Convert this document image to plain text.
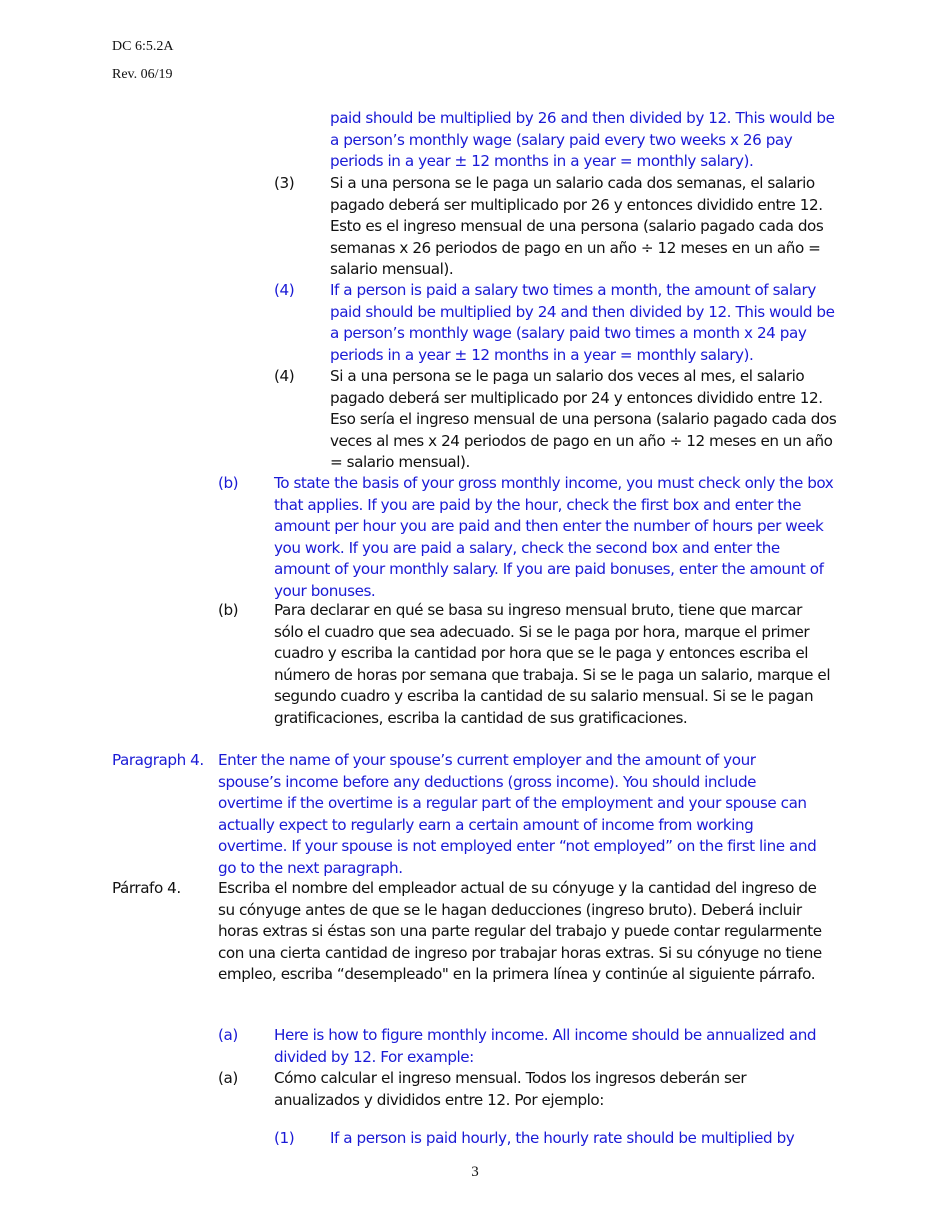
DC 6:5.2A
Rev. 06/19

paid should be multiplied by 26 and then divided by 12. This would be a person’s monthly wage (salary paid every two weeks x 26 pay periods in a year ± 12 months in a year = monthly salary).

(3) Si a una persona se le paga un salario cada dos semanas, el salario pagado deberá ser multiplicado por 26 y entonces dividido entre 12. Esto es el ingreso mensual de una persona (salario pagado cada dos semanas x 26 periodos de pago en un año ÷ 12 meses en un año = salario mensual).

(4) If a person is paid a salary two times a month, the amount of salary paid should be multiplied by 24 and then divided by 12. This would be a person’s monthly wage (salary paid two times a month x 24 pay periods in a year ± 12 months in a year = monthly salary).

(4) Si a una persona se le paga un salario dos veces al mes, el salario pagado deberá ser multiplicado por 24 y entonces dividido entre 12. Eso sería el ingreso mensual de una persona (salario pagado cada dos veces al mes x 24 periodos de pago en un año ÷ 12 meses en un año = salario mensual).

(b) To state the basis of your gross monthly income, you must check only the box that applies. If you are paid by the hour, check the first box and enter the amount per hour you are paid and then enter the number of hours per week you work. If you are paid a salary, check the second box and enter the amount of your monthly salary. If you are paid bonuses, enter the amount of your bonuses.

(b) Para declarar en qué se basa su ingreso mensual bruto, tiene que marcar sólo el cuadro que sea adecuado. Si se le paga por hora, marque el primer cuadro y escriba la cantidad por hora que se le paga y entonces escriba el número de horas por semana que trabaja. Si se le paga un salario, marque el segundo cuadro y escriba la cantidad de su salario mensual. Si se le pagan gratificaciones, escriba la cantidad de sus gratificaciones.

Paragraph 4. Enter the name of your spouse’s current employer and the amount of your spouse’s income before any deductions (gross income). You should include overtime if the overtime is a regular part of the employment and your spouse can actually expect to regularly earn a certain amount of income from working overtime. If your spouse is not employed enter “not employed” on the first line and go to the next paragraph.

Párrafo 4. Escriba el nombre del empleador actual de su cónyuge y la cantidad del ingreso de su cónyuge antes de que se le hagan deducciones (ingreso bruto). Deberá incluir horas extras si éstas son una parte regular del trabajo y puede contar regularmente con una cierta cantidad de ingreso por trabajar horas extras. Si su cónyuge no tiene empleo, escriba “desempleado" en la primera línea y continúe al siguiente párrafo.

(a) Here is how to figure monthly income. All income should be annualized and divided by 12. For example:

(a) Cómo calcular el ingreso mensual. Todos los ingresos deberán ser anualizados y divididos entre 12. Por ejemplo:

(1) If a person is paid hourly, the hourly rate should be multiplied by

3
